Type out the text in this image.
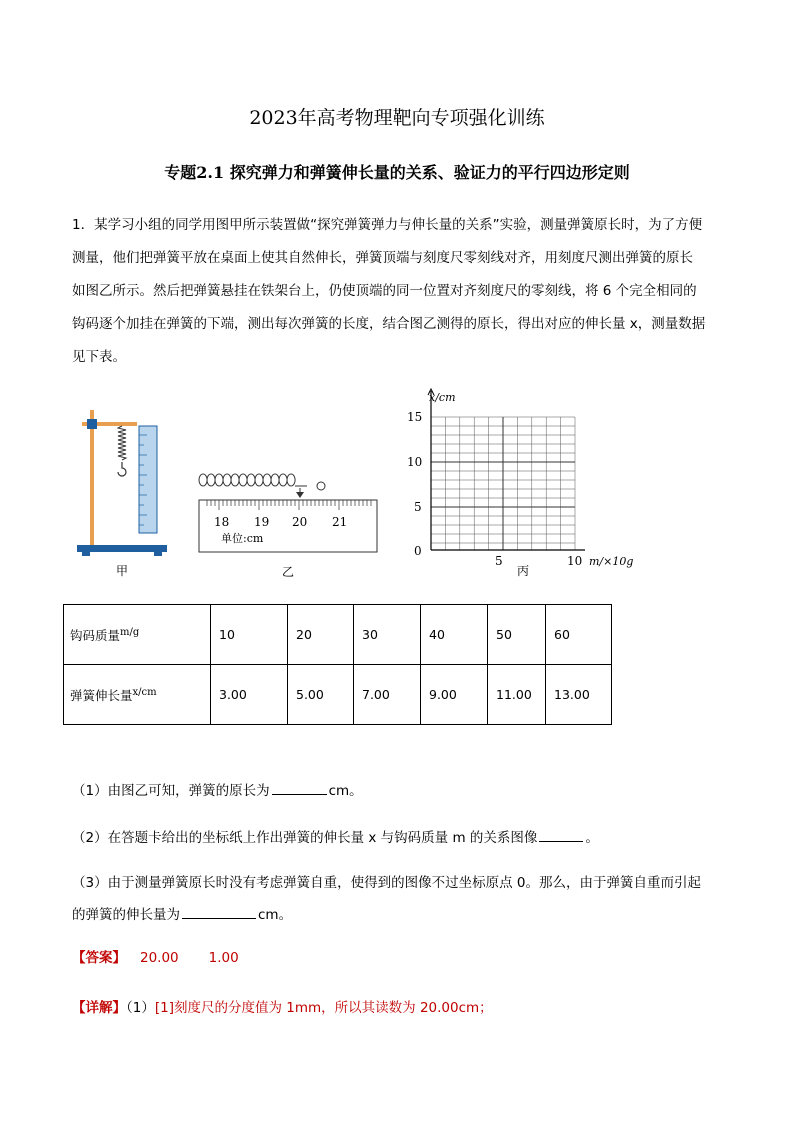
2023年高考物理靶向专项强化训练
专题2.1 探究弹力和弹簧伸长量的关系、验证力的平行四边形定则
1．某学习小组的同学用图甲所示装置做“探究弹簧弹力与伸长量的关系”实验，测量弹簧原长时，为了方便
测量，他们把弹簧平放在桌面上使其自然伸长，弹簧顶端与刻度尺零刻线对齐，用刻度尺测出弹簧的原长
如图乙所示。然后把弹簧悬挂在铁架台上，仍使顶端的同一位置对齐刻度尺的零刻线，将 6 个完全相同的
钩码逐个加挂在弹簧的下端，测出每次弹簧的长度，结合图乙测得的原长，得出对应的伸长量 x，测量数据
见下表。
甲
18 19 20 21
单位:cm
乙
x/cm
15
10
5
0
5	10 m/×10g
丙
钩码质量$^{m/g}$	10	20	30	40	50	60
弹簧伸长量$^{x/cm}$	3.00	5.00	7.00	9.00	11.00	13.00
（1）由图乙可知，弹簧的原长为	cm。
（2）在答题卡给出的坐标纸上作出弹簧的伸长量 x 与钩码质量 m 的关系图像	。
（3）由于测量弹簧原长时没有考虑弹簧自重，使得到的图像不过坐标原点 0。那么，由于弹簧自重而引起
的弹簧的伸长量为	cm。
【答案】 20.00 1.00
【详解】（1）[1]刻度尺的分度值为 1mm，所以其读数为 20.00cm；
